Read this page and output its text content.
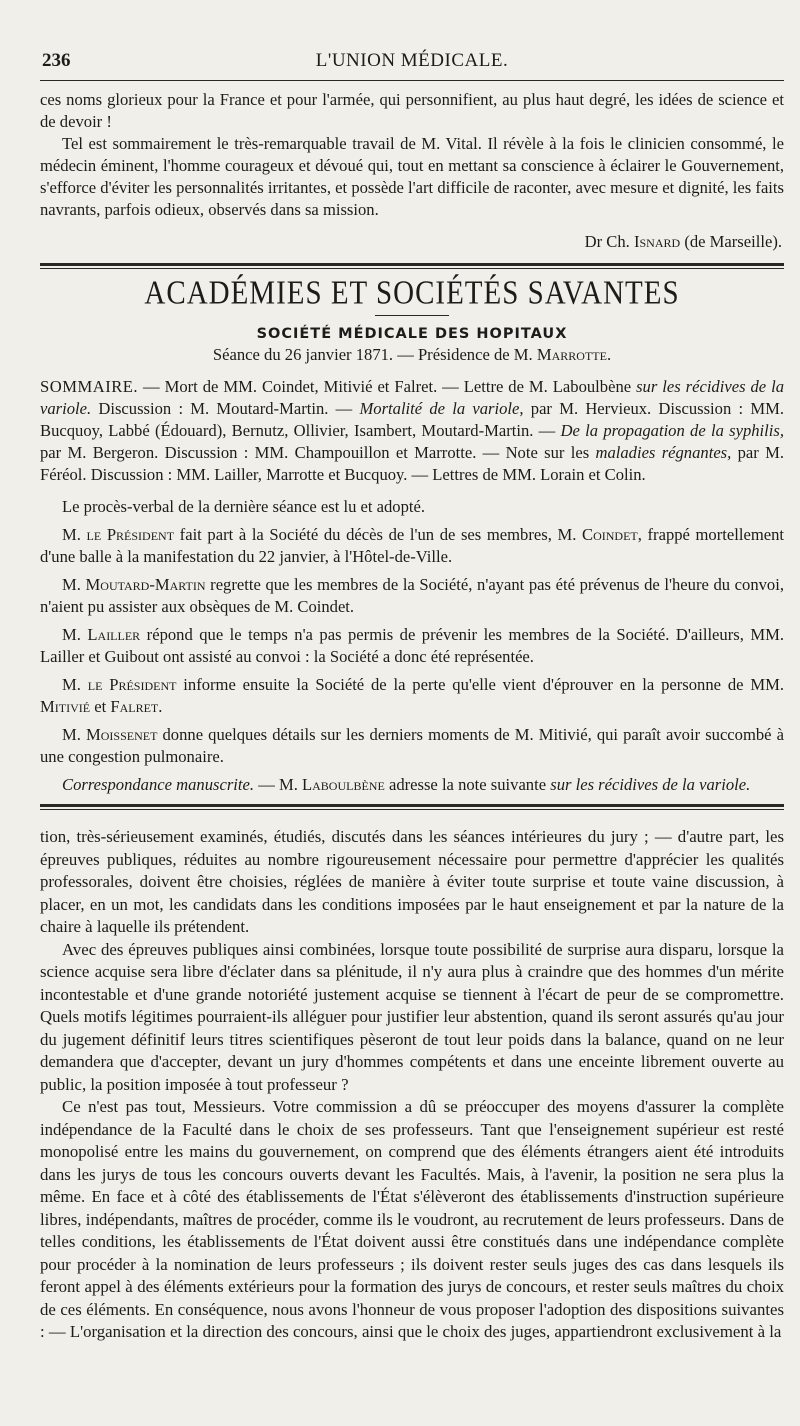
236	L'UNION MÉDICALE.

ces noms glorieux pour la France et pour l'armée, qui personnifient, au plus haut degré, les idées de science et de devoir !

Tel est sommairement le très-remarquable travail de M. Vital. Il révèle à la fois le clinicien consommé, le médecin éminent, l'homme courageux et dévoué qui, tout en mettant sa conscience à éclairer le Gouvernement, s'efforce d'éviter les personnalités irritantes, et possède l'art difficile de raconter, avec mesure et dignité, les faits navrants, parfois odieux, observés dans sa mission.

Dr Ch. Isnard (de Marseille).
ACADÉMIES ET SOCIÉTÉS SAVANTES
SOCIÉTÉ MÉDICALE DES HOPITAUX
Séance du 26 janvier 1871. — Présidence de M. Marrotte.

SOMMAIRE. — Mort de MM. Coindet, Mitivié et Falret. — Lettre de M. Laboulbène sur les récidives de la variole. Discussion : M. Moutard-Martin. — Mortalité de la variole, par M. Hervieux. Discussion : MM. Bucquoy, Labbé (Édouard), Bernutz, Ollivier, Isambert, Moutard-Martin. — De la propagation de la syphilis, par M. Bergeron. Discussion : MM. Champouillon et Marrotte. — Note sur les maladies régnantes, par M. Féréol. Discussion : MM. Lailler, Marrotte et Bucquoy. — Lettres de MM. Lorain et Colin.

Le procès-verbal de la dernière séance est lu et adopté.

M. le Président fait part à la Société du décès de l'un de ses membres, M. Coindet, frappé mortellement d'une balle à la manifestation du 22 janvier, à l'Hôtel-de-Ville.

M. Moutard-Martin regrette que les membres de la Société, n'ayant pas été prévenus de l'heure du convoi, n'aient pu assister aux obsèques de M. Coindet.

M. Lailler répond que le temps n'a pas permis de prévenir les membres de la Société. D'ailleurs, MM. Lailler et Guibout ont assisté au convoi : la Société a donc été représentée.

M. le Président informe ensuite la Société de la perte qu'elle vient d'éprouver en la personne de MM. Mitivié et Falret.

M. Moissenet donne quelques détails sur les derniers moments de M. Mitivié, qui paraît avoir succombé à une congestion pulmonaire.

Correspondance manuscrite. — M. Laboulbène adresse la note suivante sur les récidives de la variole.

tion, très-sérieusement examinés, étudiés, discutés dans les séances intérieures du jury ; — d'autre part, les épreuves publiques, réduites au nombre rigoureusement nécessaire pour permettre d'apprécier les qualités professorales, doivent être choisies, réglées de manière à éviter toute surprise et toute vaine discussion, à placer, en un mot, les candidats dans les conditions imposées par le haut enseignement et par la nature de la chaire à laquelle ils prétendent.

Avec des épreuves publiques ainsi combinées, lorsque toute possibilité de surprise aura disparu, lorsque la science acquise sera libre d'éclater dans sa plénitude, il n'y aura plus à craindre que des hommes d'un mérite incontestable et d'une grande notoriété justement acquise se tiennent à l'écart de peur de se compromettre. Quels motifs légitimes pourraient-ils alléguer pour justifier leur abstention, quand ils seront assurés qu'au jour du jugement définitif leurs titres scientifiques pèseront de tout leur poids dans la balance, quand on ne leur demandera que d'accepter, devant un jury d'hommes compétents et dans une enceinte librement ouverte au public, la position imposée à tout professeur ?

Ce n'est pas tout, Messieurs. Votre commission a dû se préoccuper des moyens d'assurer la complète indépendance de la Faculté dans le choix de ses professeurs. Tant que l'enseignement supérieur est resté monopolisé entre les mains du gouvernement, on comprend que des éléments étrangers aient été introduits dans les jurys de tous les concours ouverts devant les Facultés. Mais, à l'avenir, la position ne sera plus la même. En face et à côté des établissements de l'État s'élèveront des établissements d'instruction supérieure libres, indépendants, maîtres de procéder, comme ils le voudront, au recrutement de leurs professeurs. Dans de telles conditions, les établissements de l'État doivent aussi être constitués dans une indépendance complète pour procéder à la nomination de leurs professeurs ; ils doivent rester seuls juges des cas dans lesquels ils feront appel à des éléments extérieurs pour la formation des jurys de concours, et rester seuls maîtres du choix de ces éléments. En conséquence, nous avons l'honneur de vous proposer l'adoption des dispositions suivantes : — L'organisation et la direction des concours, ainsi que le choix des juges, appartiendront exclusivement à la
